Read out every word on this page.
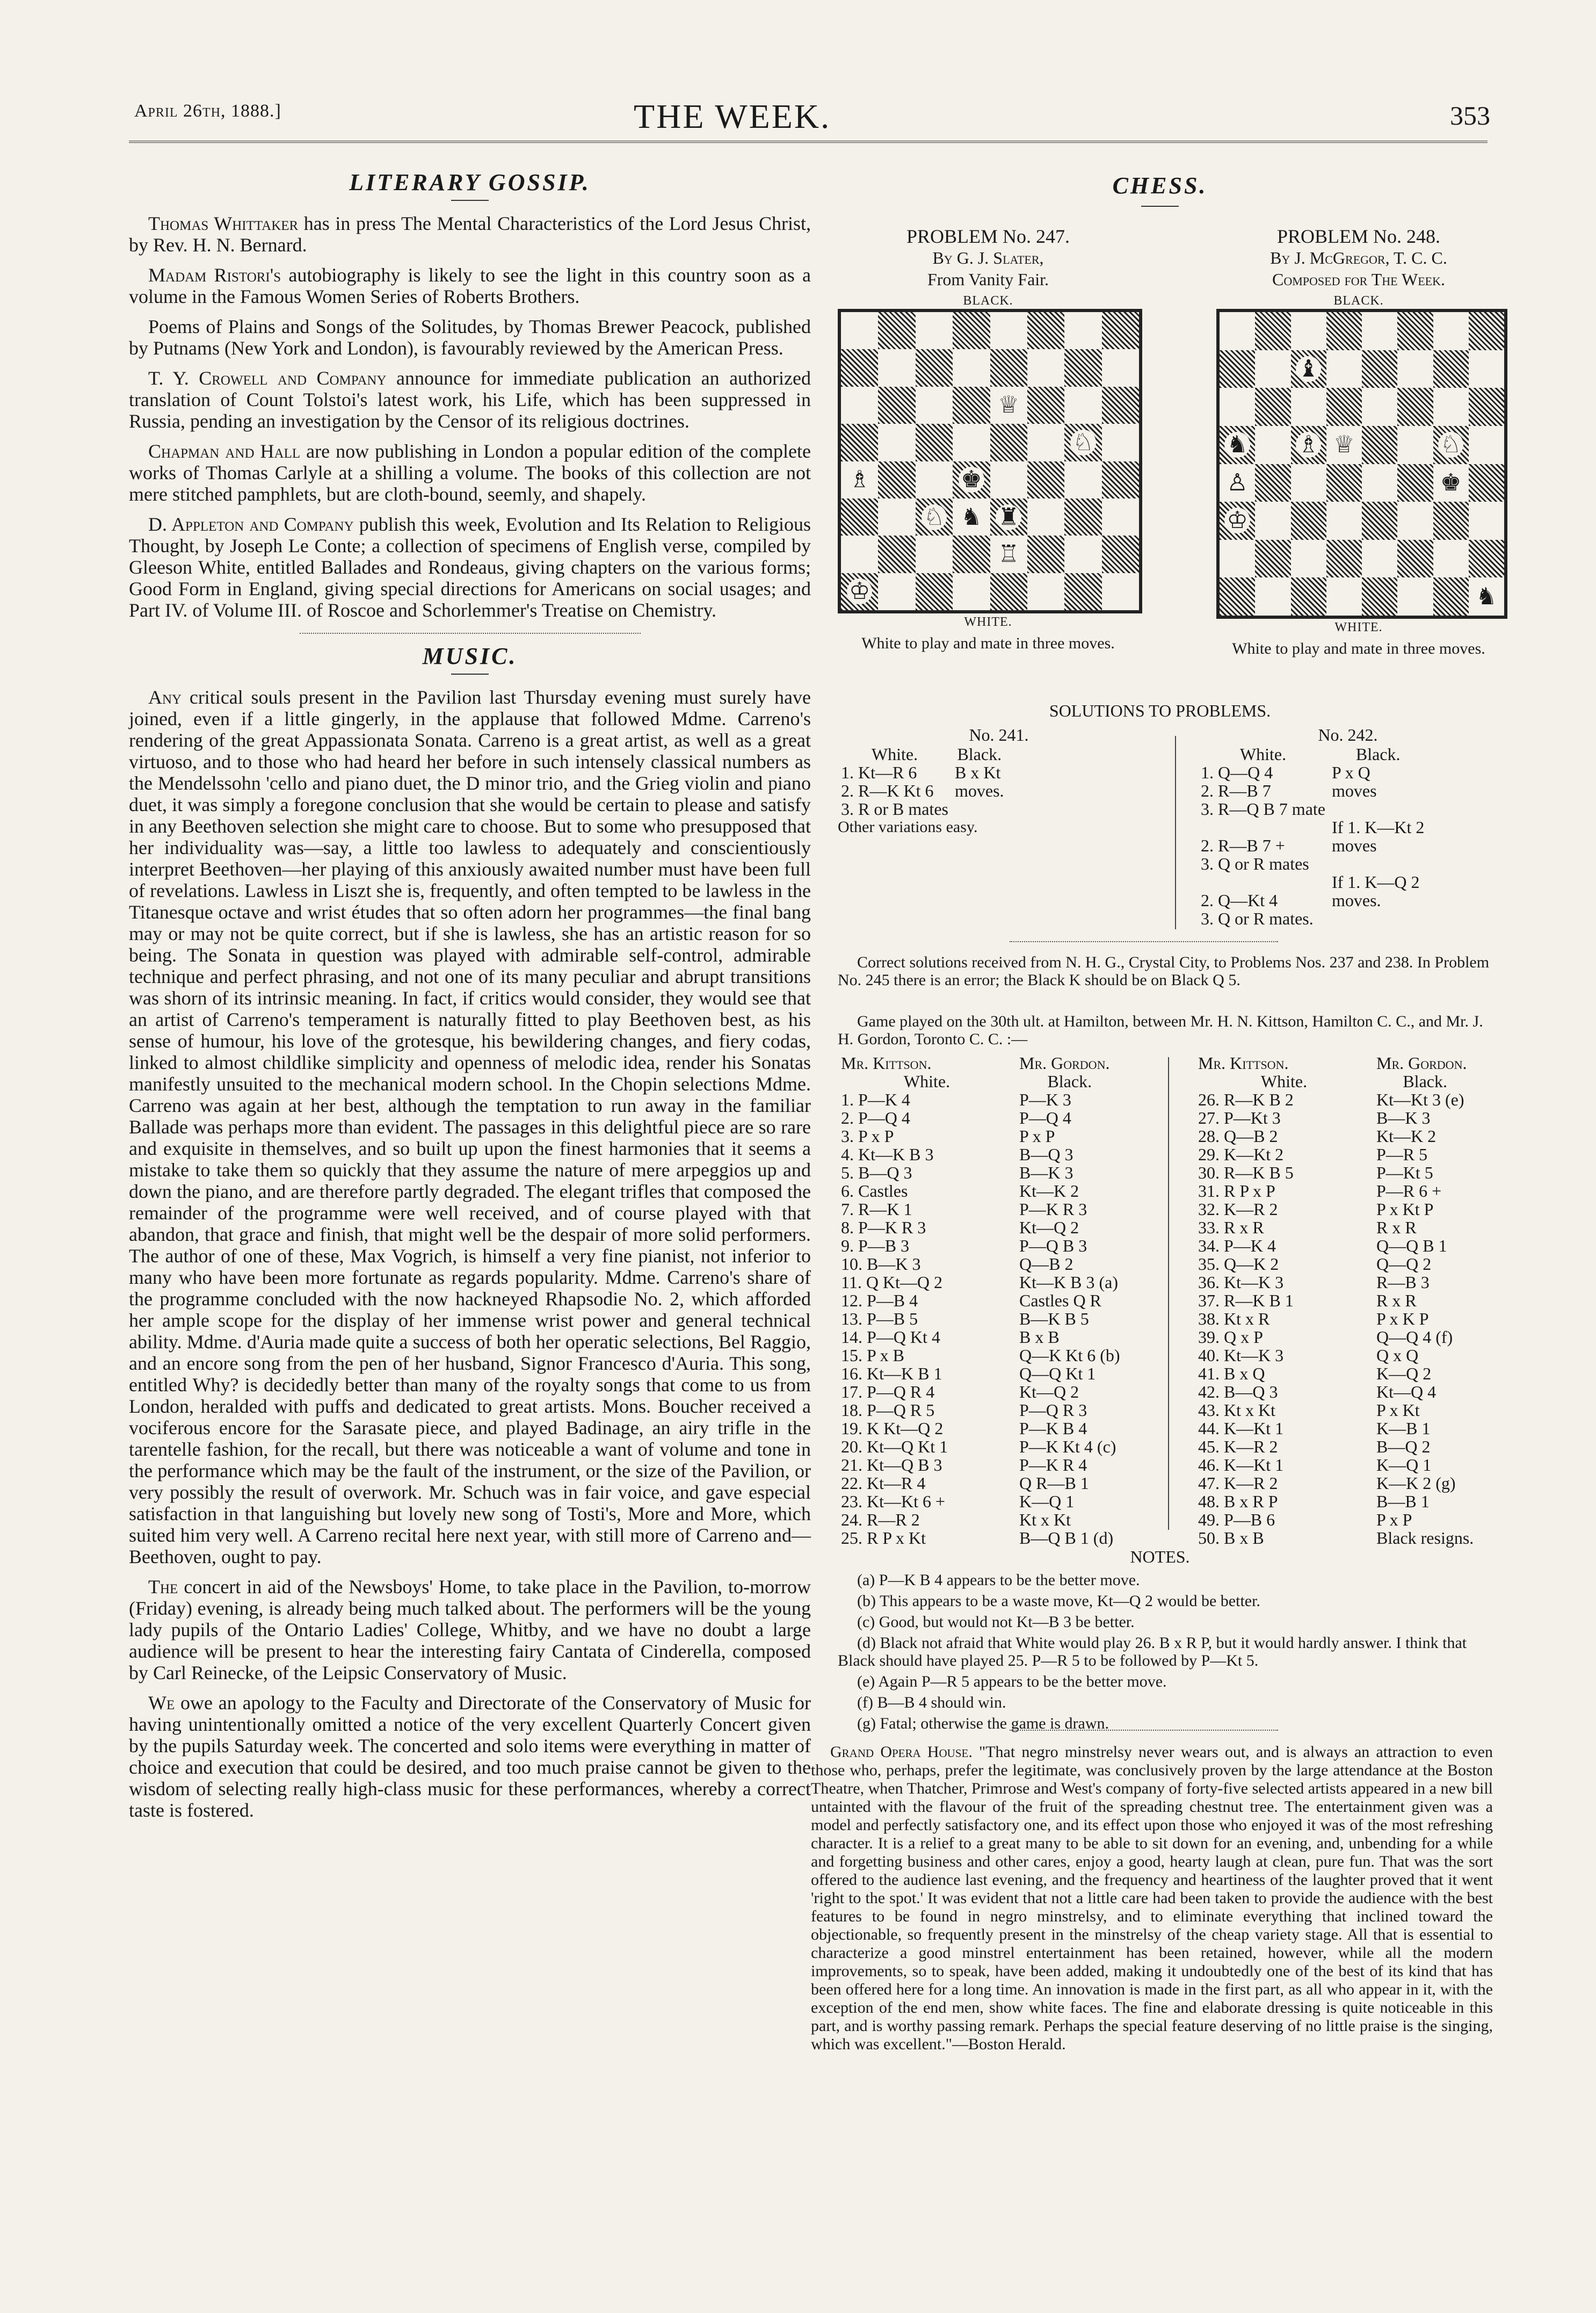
April 26th, 1888.]	THE WEEK.	353
LITERARY GOSSIP.

Thomas Whittaker has in press The Mental Characteristics of the Lord Jesus Christ, by Rev. H. N. Bernard.

Madam Ristori's autobiography is likely to see the light in this country soon as a volume in the Famous Women Series of Roberts Brothers.

Poems of Plains and Songs of the Solitudes, by Thomas Brewer Peacock, published by Putnams (New York and London), is favourably reviewed by the American Press.

T. Y. Crowell and Company announce for immediate publication an authorized translation of Count Tolstoi's latest work, his Life, which has been suppressed in Russia, pending an investigation by the Censor of its religious doctrines.

Chapman and Hall are now publishing in London a popular edition of the complete works of Thomas Carlyle at a shilling a volume. The books of this collection are not mere stitched pamphlets, but are cloth-bound, seemly, and shapely.

D. Appleton and Company publish this week, Evolution and Its Relation to Religious Thought, by Joseph Le Conte; a collection of specimens of English verse, compiled by Gleeson White, entitled Ballades and Rondeaus, giving chapters on the various forms; Good Form in England, giving special directions for Americans on social usages; and Part IV. of Volume III. of Roscoe and Schorlemmer's Treatise on Chemistry.

MUSIC.

Any critical souls present in the Pavilion last Thursday evening must surely have joined, even if a little gingerly, in the applause that followed Mdme. Carreno's rendering of the great Appassionata Sonata. Carreno is a great artist, as well as a great virtuoso, and to those who had heard her before in such intensely classical numbers as the Mendelssohn 'cello and piano duet, the D minor trio, and the Grieg violin and piano duet, it was simply a foregone conclusion that she would be certain to please and satisfy in any Beethoven selection she might care to choose. But to some who presupposed that her individuality was—say, a little too lawless to adequately and conscientiously interpret Beethoven—her playing of this anxiously awaited number must have been full of revelations. Lawless in Liszt she is, frequently, and often tempted to be lawless in the Titanesque octave and wrist études that so often adorn her programmes—the final bang may or may not be quite correct, but if she is lawless, she has an artistic reason for so being. The Sonata in question was played with admirable self-control, admirable technique and perfect phrasing, and not one of its many peculiar and abrupt transitions was shorn of its intrinsic meaning. In fact, if critics would consider, they would see that an artist of Carreno's temperament is naturally fitted to play Beethoven best, as his sense of humour, his love of the grotesque, his bewildering changes, and fiery codas, linked to almost childlike simplicity and openness of melodic idea, render his Sonatas manifestly unsuited to the mechanical modern school. In the Chopin selections Mdme. Carreno was again at her best, although the temptation to run away in the familiar Ballade was perhaps more than evident. The passages in this delightful piece are so rare and exquisite in themselves, and so built up upon the finest harmonies that it seems a mistake to take them so quickly that they assume the nature of mere arpeggios up and down the piano, and are therefore partly degraded. The elegant trifles that composed the remainder of the programme were well received, and of course played with that abandon, that grace and finish, that might well be the despair of more solid performers. The author of one of these, Max Vogrich, is himself a very fine pianist, not inferior to many who have been more fortunate as regards popularity. Mdme. Carreno's share of the programme concluded with the now hackneyed Rhapsodie No. 2, which afforded her ample scope for the display of her immense wrist power and general technical ability. Mdme. d'Auria made quite a success of both her operatic selections, Bel Raggio, and an encore song from the pen of her husband, Signor Francesco d'Auria. This song, entitled Why? is decidedly better than many of the royalty songs that come to us from London, heralded with puffs and dedicated to great artists. Mons. Boucher received a vociferous encore for the Sarasate piece, and played Badinage, an airy trifle in the tarentelle fashion, for the recall, but there was noticeable a want of volume and tone in the performance which may be the fault of the instrument, or the size of the Pavilion, or very possibly the result of overwork. Mr. Schuch was in fair voice, and gave especial satisfaction in that languishing but lovely new song of Tosti's, More and More, which suited him very well. A Carreno recital here next year, with still more of Carreno and—Beethoven, ought to pay.

The concert in aid of the Newsboys' Home, to take place in the Pavilion, to-morrow (Friday) evening, is already being much talked about. The performers will be the young lady pupils of the Ontario Ladies' College, Whitby, and we have no doubt a large audience will be present to hear the interesting fairy Cantata of Cinderella, composed by Carl Reinecke, of the Leipsic Conservatory of Music.

We owe an apology to the Faculty and Directorate of the Conservatory of Music for having unintentionally omitted a notice of the very excellent Quarterly Concert given by the pupils Saturday week. The concerted and solo items were everything in matter of choice and execution that could be desired, and too much praise cannot be given to the wisdom of selecting really high-class music for these performances, whereby a correct taste is fostered.

CHESS.
PROBLEM No. 247.
By G. J. Slater,
From Vanity Fair.
BLACK.
♕
♘
♗	♚
♘ ♞ ♜
♖
♔
WHITE.
White to play and mate in three moves.
PROBLEM No. 248.
By J. McGregor, T. C. C.
Composed for The Week.
BLACK.
♝
♞ ♗ ♕	♘
♙	♚
♔
♞
WHITE.
White to play and mate in three moves.
SOLUTIONS TO PROBLEMS.
No. 241.
White.	Black.
1. Kt—R 6	B x Kt
2. R—K Kt 6	moves.
3. R or B mates	
Other variations easy.
No. 242.
White.	Black.
1. Q—Q 4	P x Q
2. R—B 7	moves
3. R—Q B 7 mate	
	If 1. K—Kt 2
2. R—B 7 +	moves
3. Q or R mates	
	If 1. K—Q 2
2. Q—Kt 4	moves.
3. Q or R mates.	
Correct solutions received from N. H. G., Crystal City, to Problems Nos. 237 and 238. In Problem No. 245 there is an error; the Black K should be on Black Q 5.
Game played on the 30th ult. at Hamilton, between Mr. H. N. Kittson, Hamilton C. C., and Mr. J. H. Gordon, Toronto C. C. :—
Mr. Kittson.	Mr. Gordon.
White.	Black.
1. P—K 4	P—K 3
2. P—Q 4	P—Q 4
3. P x P	P x P
4. Kt—K B 3	B—Q 3
5. B—Q 3	B—K 3
6. Castles	Kt—K 2
7. R—K 1	P—K R 3
8. P—K R 3	Kt—Q 2
9. P—B 3	P—Q B 3
10. B—K 3	Q—B 2
11. Q Kt—Q 2	Kt—K B 3 (a)
12. P—B 4	Castles Q R
13. P—B 5	B—K B 5
14. P—Q Kt 4	B x B
15. P x B	Q—K Kt 6 (b)
16. Kt—K B 1	Q—Q Kt 1
17. P—Q R 4	Kt—Q 2
18. P—Q R 5	P—Q R 3
19. K Kt—Q 2	P—K B 4
20. Kt—Q Kt 1	P—K Kt 4 (c)
21. Kt—Q B 3	P—K R 4
22. Kt—R 4	Q R—B 1
23. Kt—Kt 6 +	K—Q 1
24. R—R 2	Kt x Kt
25. R P x Kt	B—Q B 1 (d)
Mr. Kittson.	Mr. Gordon.
White.	Black.
26. R—K B 2	Kt—Kt 3 (e)
27. P—Kt 3	B—K 3
28. Q—B 2	Kt—K 2
29. K—Kt 2	P—R 5
30. R—K B 5	P—Kt 5
31. R P x P	P—R 6 +
32. K—R 2	P x Kt P
33. R x R	R x R
34. P—K 4	Q—Q B 1
35. Q—K 2	Q—Q 2
36. Kt—K 3	R—B 3
37. R—K B 1	R x R
38. Kt x R	P x K P
39. Q x P	Q—Q 4 (f)
40. Kt—K 3	Q x Q
41. B x Q	K—Q 2
42. B—Q 3	Kt—Q 4
43. Kt x Kt	P x Kt
44. K—Kt 1	K—B 1
45. K—R 2	B—Q 2
46. K—Kt 1	K—Q 1
47. K—R 2	K—K 2 (g)
48. B x R P	B—B 1
49. P—B 6	P x P
50. B x B	Black resigns.
NOTES.

(a) P—K B 4 appears to be the better move.

(b) This appears to be a waste move, Kt—Q 2 would be better.

(c) Good, but would not Kt—B 3 be better.

(d) Black not afraid that White would play 26. B x R P, but it would hardly answer. I think that Black should have played 25. P—R 5 to be followed by P—Kt 5.

(e) Again P—R 5 appears to be the better move.

(f) B—B 4 should win.

(g) Fatal; otherwise the game is drawn.

Grand Opera House. "That negro minstrelsy never wears out, and is always an attraction to even those who, perhaps, prefer the legitimate, was conclusively proven by the large attendance at the Boston Theatre, when Thatcher, Primrose and West's company of forty-five selected artists appeared in a new bill untainted with the flavour of the fruit of the spreading chestnut tree. The entertainment given was a model and perfectly satisfactory one, and its effect upon those who enjoyed it was of the most refreshing character. It is a relief to a great many to be able to sit down for an evening, and, unbending for a while and forgetting business and other cares, enjoy a good, hearty laugh at clean, pure fun. That was the sort offered to the audience last evening, and the frequency and heartiness of the laughter proved that it went 'right to the spot.' It was evident that not a little care had been taken to provide the audience with the best features to be found in negro minstrelsy, and to eliminate everything that inclined toward the objectionable, so frequently present in the minstrelsy of the cheap variety stage. All that is essential to characterize a good minstrel entertainment has been retained, however, while all the modern improvements, so to speak, have been added, making it undoubtedly one of the best of its kind that has been offered here for a long time. An innovation is made in the first part, as all who appear in it, with the exception of the end men, show white faces. The fine and elaborate dressing is quite noticeable in this part, and is worthy passing remark. Perhaps the special feature deserving of no little praise is the singing, which was excellent."—Boston Herald.
